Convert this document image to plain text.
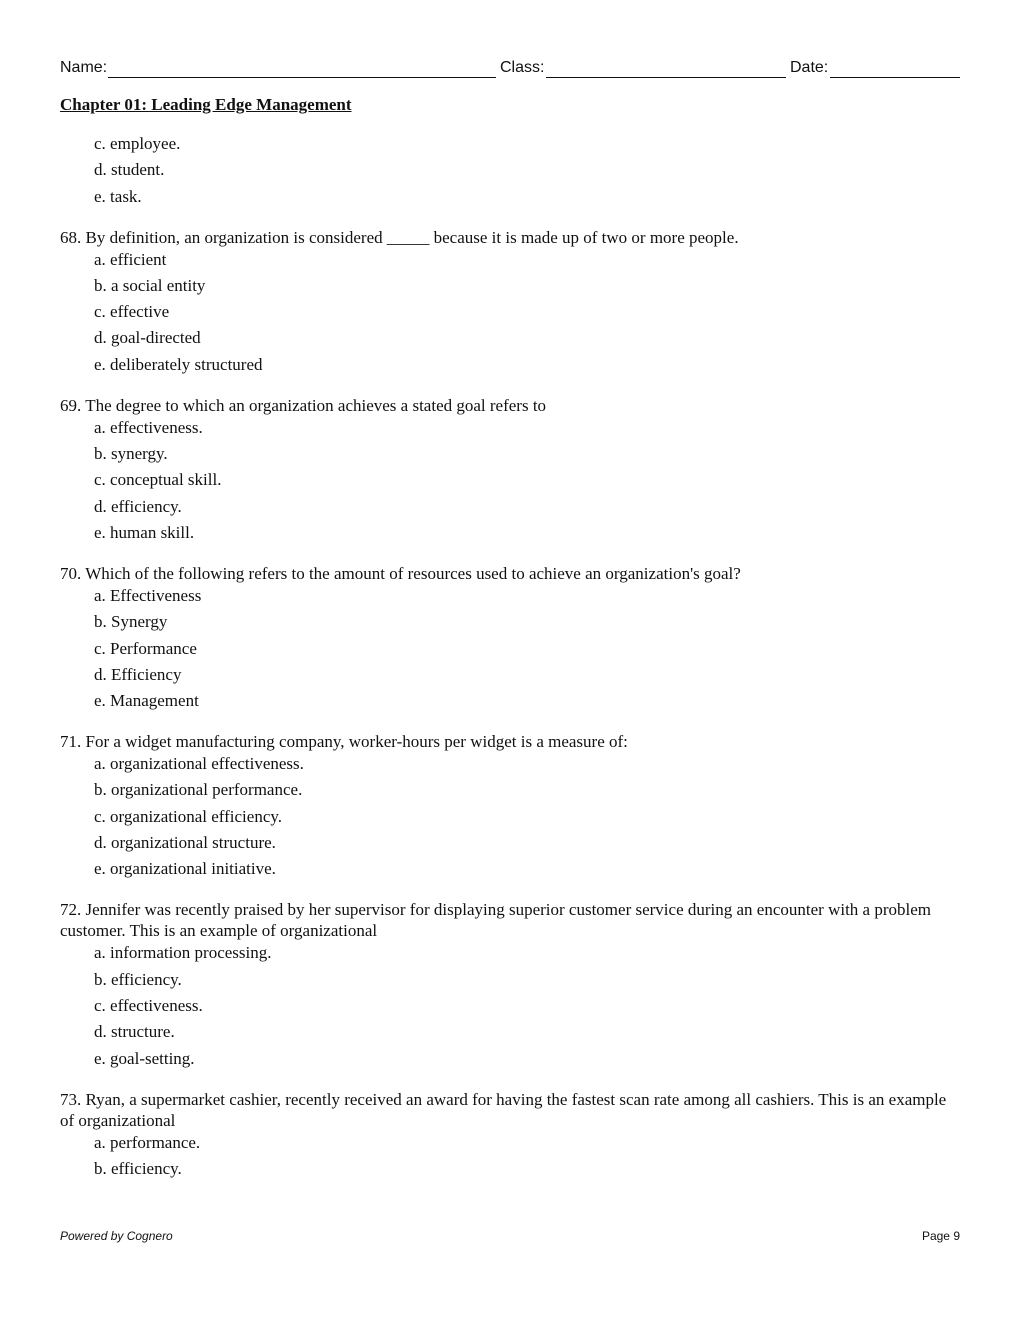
Name:	Class:	Date:
Chapter 01: Leading Edge Management
c. employee.
d. student.
e. task.
68. By definition, an organization is considered _____ because it is made up of two or more people.
a. efficient
b. a social entity
c. effective
d. goal-directed
e. deliberately structured
69. The degree to which an organization achieves a stated goal refers to
a. effectiveness.
b. synergy.
c. conceptual skill.
d. efficiency.
e. human skill.
70. Which of the following refers to the amount of resources used to achieve an organization's goal?
a. Effectiveness
b. Synergy
c. Performance
d. Efficiency
e. Management
71. For a widget manufacturing company, worker-hours per widget is a measure of:
a. organizational effectiveness.
b. organizational performance.
c. organizational efficiency.
d. organizational structure.
e. organizational initiative.
72. Jennifer was recently praised by her supervisor for displaying superior customer service during an encounter with a problem customer. This is an example of organizational
a. information processing.
b. efficiency.
c. effectiveness.
d. structure.
e. goal-setting.
73. Ryan, a supermarket cashier, recently received an award for having the fastest scan rate among all cashiers. This is an example of organizational
a. performance.
b. efficiency.
Powered by Cognero	Page 9
